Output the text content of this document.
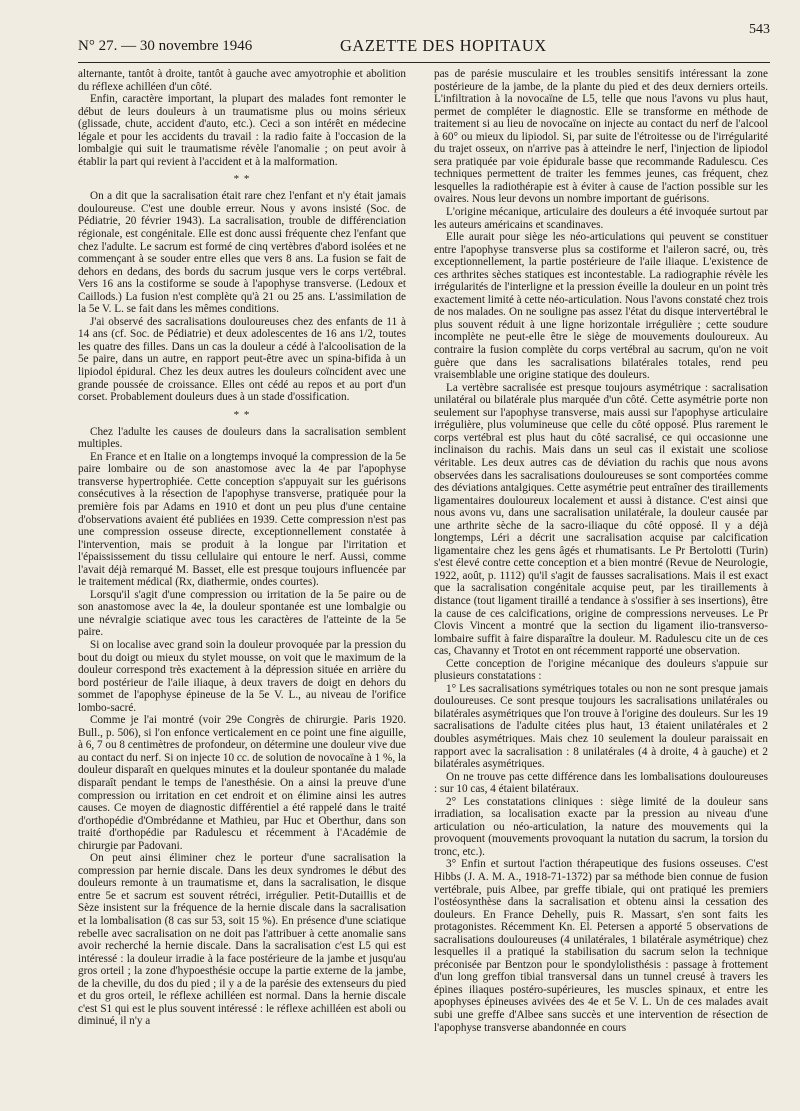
N° 27. — 30 novembre 1946	GAZETTE DES HOPITAUX
543

alternante, tantôt à droite, tantôt à gauche avec amyotrophie et abolition du réflexe achilléen d'un côté.

Enfin, caractère important, la plupart des malades font remonter le début de leurs douleurs à un traumatisme plus ou moins sérieux (glissade, chute, accident d'auto, etc.). Ceci a son intérêt en médecine légale et pour les accidents du travail : la radio faite à l'occasion de la lombalgie qui suit le traumatisme révèle l'anomalie ; on peut avoir à établir la part qui revient à l'accident et à la malformation.

* *

On a dit que la sacralisation était rare chez l'enfant et n'y était jamais douloureuse. C'est une double erreur. Nous y avons insisté (Soc. de Pédiatrie, 20 février 1943). La sacralisation, trouble de différenciation régionale, est congénitale. Elle est donc aussi fréquente chez l'enfant que chez l'adulte. Le sacrum est formé de cinq vertèbres d'abord isolées et ne commençant à se souder entre elles que vers 8 ans. La fusion se fait de dehors en dedans, des bords du sacrum jusque vers le corps vertébral. Vers 16 ans la costiforme se soude à l'apophyse transverse. (Ledoux et Caillods.) La fusion n'est complète qu'à 21 ou 25 ans. L'assimilation de la 5e V. L. se fait dans les mêmes conditions.

J'ai observé des sacralisations douloureuses chez des enfants de 11 à 14 ans (cf. Soc. de Pédiatrie) et deux adolescentes de 16 ans 1/2, toutes les quatre des filles. Dans un cas la douleur a cédé à l'alcoolisation de la 5e paire, dans un autre, en rapport peut-être avec un spina-bifida à un lipiodol épidural. Chez les deux autres les douleurs coïncident avec une grande poussée de croissance. Elles ont cédé au repos et au port d'un corset. Probablement douleurs dues à un stade d'ossification.

* *

Chez l'adulte les causes de douleurs dans la sacralisation semblent multiples.

En France et en Italie on a longtemps invoqué la compression de la 5e paire lombaire ou de son anastomose avec la 4e par l'apophyse transverse hypertrophiée. Cette conception s'appuyait sur les guérisons consécutives à la résection de l'apophyse transverse, pratiquée pour la première fois par Adams en 1910 et dont un peu plus d'une centaine d'observations avaient été publiées en 1939. Cette compression n'est pas une compression osseuse directe, exceptionnellement constatée à l'intervention, mais se produit à la longue par l'irritation et l'épaississement du tissu cellulaire qui entoure le nerf. Aussi, comme l'avait déjà remarqué M. Basset, elle est presque toujours influencée par le traitement médical (Rx, diathermie, ondes courtes).

Lorsqu'il s'agit d'une compression ou irritation de la 5e paire ou de son anastomose avec la 4e, la douleur spontanée est une lombalgie ou une névralgie sciatique avec tous les caractères de l'atteinte de la 5e paire.

Si on localise avec grand soin la douleur provoquée par la pression du bout du doigt ou mieux du stylet mousse, on voit que le maximum de la douleur correspond très exactement à la dépression située en arrière du bord postérieur de l'aile iliaque, à deux travers de doigt en dehors du sommet de l'apophyse épineuse de la 5e V. L., au niveau de l'orifice lombo-sacré.

Comme je l'ai montré (voir 29e Congrès de chirurgie. Paris 1920. Bull., p. 506), si l'on enfonce verticalement en ce point une fine aiguille, à 6, 7 ou 8 centimètres de profondeur, on détermine une douleur vive due au contact du nerf. Si on injecte 10 cc. de solution de novocaïne à 1 %, la douleur disparaît en quelques minutes et la douleur spontanée du malade disparaît pendant le temps de l'anesthésie. On a ainsi la preuve d'une compression ou irritation en cet endroit et on élimine ainsi les autres causes. Ce moyen de diagnostic différentiel a été rappelé dans le traité d'orthopédie d'Ombrédanne et Mathieu, par Huc et Oberthur, dans son traité d'orthopédie par Radulescu et récemment à l'Académie de chirurgie par Padovani.

On peut ainsi éliminer chez le porteur d'une sacralisation la compression par hernie discale. Dans les deux syndromes le début des douleurs remonte à un traumatisme et, dans la sacralisation, le disque entre 5e et sacrum est souvent rétréci, irrégulier. Petit-Dutaillis et de Sèze insistent sur la fréquence de la hernie discale dans la sacralisation et la lombalisation (8 cas sur 53, soit 15 %). En présence d'une sciatique rebelle avec sacralisation on ne doit pas l'attribuer à cette anomalie sans avoir recherché la hernie discale. Dans la sacralisation c'est L5 qui est intéressé : la douleur irradie à la face postérieure de la jambe et jusqu'au gros orteil ; la zone d'hypoesthésie occupe la partie externe de la jambe, de la cheville, du dos du pied ; il y a de la parésie des extenseurs du pied et du gros orteil, le réflexe achilléen est normal. Dans la hernie discale c'est S1 qui est le plus souvent intéressé : le réflexe achilléen est aboli ou diminué, il n'y a

pas de parésie musculaire et les troubles sensitifs intéressant la zone postérieure de la jambe, de la plante du pied et des deux derniers orteils. L'infiltration à la novocaïne de L5, telle que nous l'avons vu plus haut, permet de compléter le diagnostic. Elle se transforme en méthode de traitement si au lieu de novocaïne on injecte au contact du nerf de l'alcool à 60° ou mieux du lipiodol. Si, par suite de l'étroitesse ou de l'irrégularité du trajet osseux, on n'arrive pas à atteindre le nerf, l'injection de lipiodol sera pratiquée par voie épidurale basse que recommande Radulescu. Ces techniques permettent de traiter les femmes jeunes, cas fréquent, chez lesquelles la radiothérapie est à éviter à cause de l'action possible sur les ovaires. Nous leur devons un nombre important de guérisons.

L'origine mécanique, articulaire des douleurs a été invoquée surtout par les auteurs américains et scandinaves.

Elle aurait pour siège les néo-articulations qui peuvent se constituer entre l'apophyse transverse plus sa costiforme et l'aileron sacré, ou, très exceptionnellement, la partie postérieure de l'aile iliaque. L'existence de ces arthrites sèches statiques est incontestable. La radiographie révèle les irrégularités de l'interligne et la pression éveille la douleur en un point très exactement limité à cette néo-articulation. Nous l'avons constaté chez trois de nos malades. On ne souligne pas assez l'état du disque intervertébral le plus souvent réduit à une ligne horizontale irrégulière ; cette soudure incomplète ne peut-elle être le siège de mouvements douloureux. Au contraire la fusion complète du corps vertébral au sacrum, qu'on ne voit guère que dans les sacralisations bilatérales totales, rend peu vraisemblable une origine statique des douleurs.

La vertèbre sacralisée est presque toujours asymétrique : sacralisation unilatéral ou bilatérale plus marquée d'un côté. Cette asymétrie porte non seulement sur l'apophyse transverse, mais aussi sur l'apophyse articulaire irrégulière, plus volumineuse que celle du côté opposé. Plus rarement le corps vertébral est plus haut du côté sacralisé, ce qui occasionne une inclinaison du rachis. Mais dans un seul cas il existait une scoliose véritable. Les deux autres cas de déviation du rachis que nous avons observées dans les sacralisations douloureuses se sont comportées comme des déviations antalgiques. Cette asymétrie peut entraîner des tiraillements ligamentaires douloureux localement et aussi à distance. C'est ainsi que nous avons vu, dans une sacralisation unilatérale, la douleur causée par une arthrite sèche de la sacro-iliaque du côté opposé. Il y a déjà longtemps, Léri a décrit une sacralisation acquise par calcification ligamentaire chez les gens âgés et rhumatisants. Le Pr Bertolotti (Turin) s'est élevé contre cette conception et a bien montré (Revue de Neurologie, 1922, août, p. 1112) qu'il s'agit de fausses sacralisations. Mais il est exact que la sacralisation congénitale acquise peut, par les tiraillements à distance (tout ligament tiraillé a tendance à s'ossifier à ses insertions), être la cause de ces calcifications, origine de compressions nerveuses. Le Pr Clovis Vincent a montré que la section du ligament ilio-transverso-lombaire suffit à faire disparaître la douleur. M. Radulescu cite un de ces cas, Chavanny et Trotot en ont récemment rapporté une observation.

Cette conception de l'origine mécanique des douleurs s'appuie sur plusieurs constatations :

1° Les sacralisations symétriques totales ou non ne sont presque jamais douloureuses. Ce sont presque toujours les sacralisations unilatérales ou bilatérales asymétriques que l'on trouve à l'origine des douleurs. Sur les 19 sacralisations de l'adulte citées plus haut, 13 étaient unilatérales et 2 doubles asymétriques. Mais chez 10 seulement la douleur paraissait en rapport avec la sacralisation : 8 unilatérales (4 à droite, 4 à gauche) et 2 bilatérales asymétriques.

On ne trouve pas cette différence dans les lombalisations douloureuses : sur 10 cas, 4 étaient bilatéraux.

2° Les constatations cliniques : siège limité de la douleur sans irradiation, sa localisation exacte par la pression au niveau d'une articulation ou néo-articulation, la nature des mouvements qui la provoquent (mouvements provoquant la nutation du sacrum, la torsion du tronc, etc.).

3° Enfin et surtout l'action thérapeutique des fusions osseuses. C'est Hibbs (J. A. M. A., 1918-71-1372) par sa méthode bien connue de fusion vertébrale, puis Albee, par greffe tibiale, qui ont pratiqué les premiers l'ostéosynthèse dans la sacralisation et obtenu ainsi la cessation des douleurs. En France Dehelly, puis R. Massart, s'en sont faits les protagonistes. Récemment Kn. El. Petersen a apporté 5 observations de sacralisations douloureuses (4 unilatérales, 1 bilatérale asymétrique) chez lesquelles il a pratiqué la stabilisation du sacrum selon la technique préconisée par Bentzon pour le spondylolisthésis : passage à frottement d'un long greffon tibial transversal dans un tunnel creusé à travers les épines iliaques postéro-supérieures, les muscles spinaux, et entre les apophyses épineuses avivées des 4e et 5e V. L. Un de ces malades avait subi une greffe d'Albee sans succès et une intervention de résection de l'apophyse transverse abandonnée en cours
